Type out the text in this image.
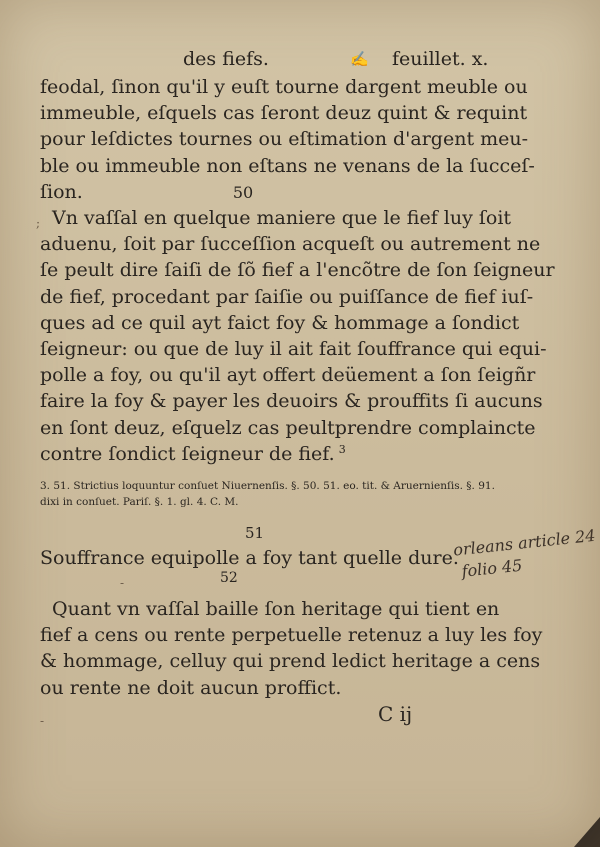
des fiefs.	✍ feuillet. x.
feodal, ſinon qu'il y euſt tourne dargent meuble ou
immeuble, eſquels cas ſeront deuz quint & requint
pour leſdictes tournes ou eſtimation d'argent meu-
ble ou immeuble non eſtans ne venans de la ſucceſ-
ſion.	50
Vn vaſſal en quelque maniere que le fief luy ſoit
aduenu, ſoit par ſucceſſion acqueſt ou autrement ne
ſe peult dire ſaiſi de ſõ fief a l'encõtre de ſon ſeigneur
de fief, procedant par ſaiſie ou puiſſance de fief iuſ-
ques ad ce quil ayt faict foy & hommage a ſondict
ſeigneur: ou que de luy il ait fait ſouffrance qui equi-
polle a foy, ou qu'il ayt offert deüement a ſon ſeigñr
faire la foy & payer les deuoirs & prouffits ſi aucuns
en ſont deuz, eſquelz cas peultprendre complaincte
contre ſondict ſeigneur de fief. $^3$
3. 51. Strictius loquuntur conſuet Niuernenſis. §. 50. 51. eo. tit. & Aruernienſis. §. 91. dixi in conſuet. Pariſ. §. 1. gl. 4. C. M.
51
Souffrance equipolle a foy tant quelle dure.
orleans article 24
folio 45
52
Quant vn vaſſal baille ſon heritage qui tient en
fief a cens ou rente perpetuelle retenuz a luy les foy
& hommage, celluy qui prend ledict heritage a cens
ou rente ne doit aucun proffict.
C ij
;
-
-
